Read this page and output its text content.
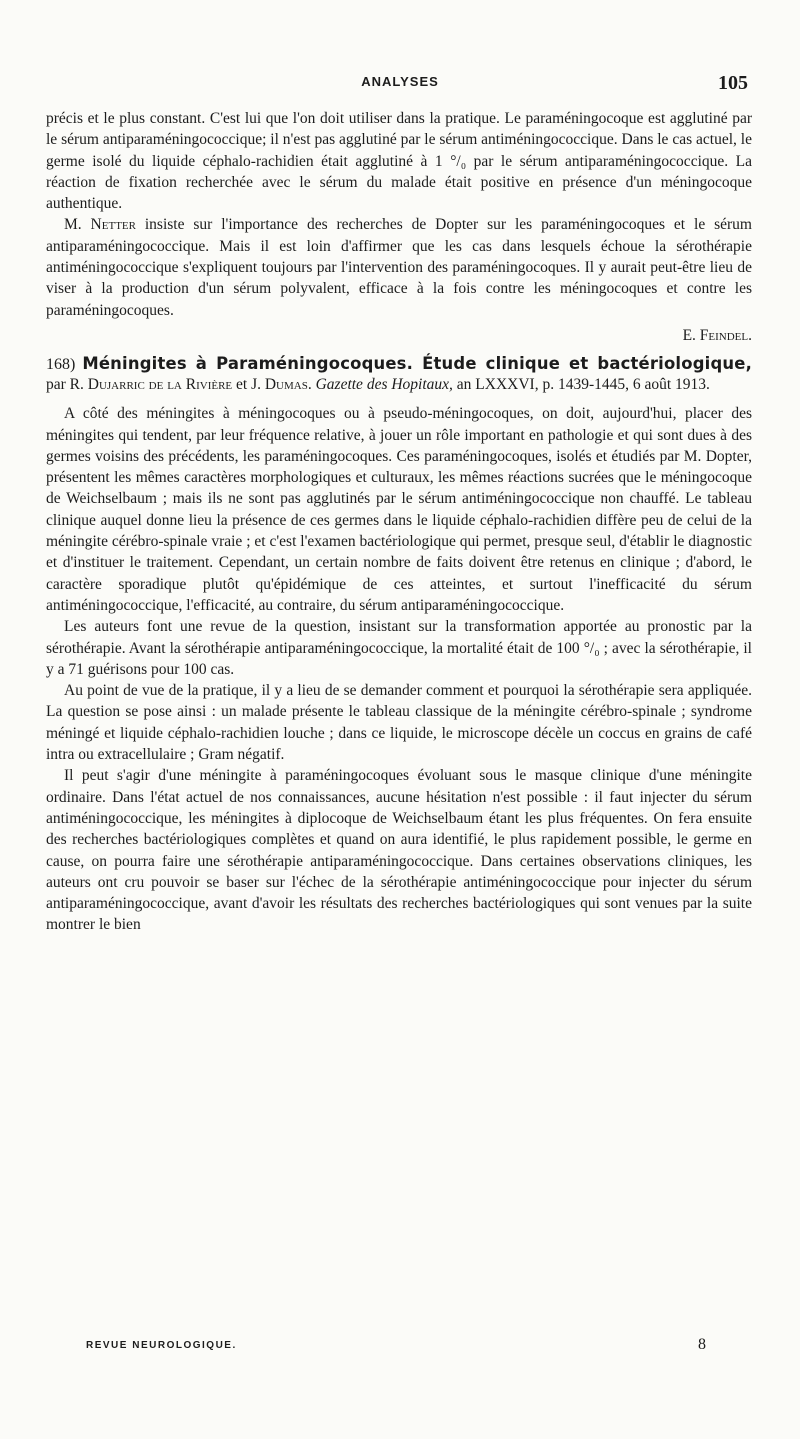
ANALYSES	105

précis et le plus constant. C'est lui que l'on doit utiliser dans la pratique. Le paraméningocoque est agglutiné par le sérum antiparaméningococcique; il n'est pas agglutiné par le sérum antiméningococcique. Dans le cas actuel, le germe isolé du liquide céphalo-rachidien était agglutiné à 1 °/₀ par le sérum antiparaméningococcique. La réaction de fixation recherchée avec le sérum du malade était positive en présence d'un méningocoque authentique.

M. Netter insiste sur l'importance des recherches de Dopter sur les paraméningocoques et le sérum antiparaméningococcique. Mais il est loin d'affirmer que les cas dans lesquels échoue la sérothérapie antiméningococcique s'expliquent toujours par l'intervention des paraméningocoques. Il y aurait peut-être lieu de viser à la production d'un sérum polyvalent, efficace à la fois contre les méningocoques et contre les paraméningocoques.

E. Feindel.

168) Méningites à Paraméningocoques. Étude clinique et bactériologique, par R. Dujarric de la Rivière et J. Dumas. Gazette des Hopitaux, an LXXXVI, p. 1439-1445, 6 août 1913.

A côté des méningites à méningocoques ou à pseudo-méningocoques, on doit, aujourd'hui, placer des méningites qui tendent, par leur fréquence relative, à jouer un rôle important en pathologie et qui sont dues à des germes voisins des précédents, les paraméningocoques. Ces paraméningocoques, isolés et étudiés par M. Dopter, présentent les mêmes caractères morphologiques et culturaux, les mêmes réactions sucrées que le méningocoque de Weichselbaum ; mais ils ne sont pas agglutinés par le sérum antiméningococcique non chauffé. Le tableau clinique auquel donne lieu la présence de ces germes dans le liquide céphalo-rachidien diffère peu de celui de la méningite cérébro-spinale vraie ; et c'est l'examen bactériologique qui permet, presque seul, d'établir le diagnostic et d'instituer le traitement. Cependant, un certain nombre de faits doivent être retenus en clinique ; d'abord, le caractère sporadique plutôt qu'épidémique de ces atteintes, et surtout l'inefficacité du sérum antiméningococcique, l'efficacité, au contraire, du sérum antiparaméningococcique.

Les auteurs font une revue de la question, insistant sur la transformation apportée au pronostic par la sérothérapie. Avant la sérothérapie antiparaméningococcique, la mortalité était de 100 °/₀ ; avec la sérothérapie, il y a 71 guérisons pour 100 cas.

Au point de vue de la pratique, il y a lieu de se demander comment et pourquoi la sérothérapie sera appliquée. La question se pose ainsi : un malade présente le tableau classique de la méningite cérébro-spinale ; syndrome méningé et liquide céphalo-rachidien louche ; dans ce liquide, le microscope décèle un coccus en grains de café intra ou extracellulaire ; Gram négatif.

Il peut s'agir d'une méningite à paraméningocoques évoluant sous le masque clinique d'une méningite ordinaire. Dans l'état actuel de nos connaissances, aucune hésitation n'est possible : il faut injecter du sérum antiméningococcique, les méningites à diplocoque de Weichselbaum étant les plus fréquentes. On fera ensuite des recherches bactériologiques complètes et quand on aura identifié, le plus rapidement possible, le germe en cause, on pourra faire une sérothérapie antiparaméningococcique. Dans certaines observations cliniques, les auteurs ont cru pouvoir se baser sur l'échec de la sérothérapie antiméningococcique pour injecter du sérum antiparaméningococcique, avant d'avoir les résultats des recherches bactériologiques qui sont venues par la suite montrer le bien

REVUE NEUROLOGIQUE.	8
